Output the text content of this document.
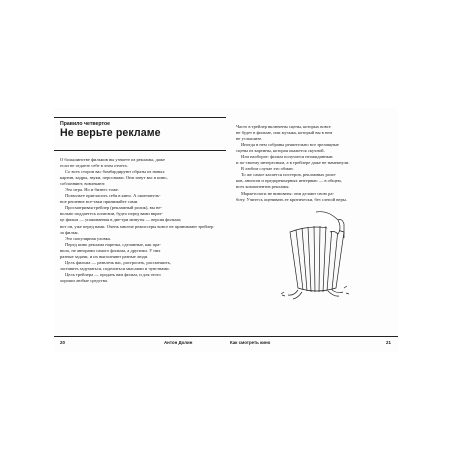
Правило четвертое
Не верьте рекламе
О большинстве фильмов вы узнаете из рекламы, даже
если не отдаете себе в этом отчета.
Со всех сторон вас бомбардируют образы из новых
картин, кадры, звуки, персонажи. Они зовут вас в кино,
соблазняют, вовлекают.
Это игра. Но и бизнес тоже.
Позвольте пригласить себя в кино. А окончатель-
ное решение все-таки принимайте сами.
Просматривая трейлер (рекламный ролик), вы не-
вольно поддаетесь иллюзии, будто перед вами вкрат-
це фильм — упакованная в две-три минуты — версия фильма;
вот он, уже перед вами. Очень многие режиссеры вовсе не принимают трейлер
за фильм.
Это популярная уловка.
Перед кино реклама нарезка, сделанные, как пра-
вило, не авторами самого фильма, а другими. У них
разные задачи, и их выполняют разные люди.
Цель фильма — развлечь вас, растрогать, рассмешить,
заставить задуматься, поделиться мыслями и чувствами.
Цель трейлера — продать вам фильм, и для этого
хороши любые средства.
20	Антон Долин
Часто в трейлер включены сцены, которых вовсе
не будет в фильме, или музыка, который вы в нем
не услышите.
Иногда в нем собраны решительно все зрелищные
сцены из картины, которая окажется скучной.
Или наоборот: фильм получится неожиданным
и по-своему интересным, а в трейлере даже не намекнули.
В любом случае это обман.
То же самое касается постеров, рекламных роли-
ков, анонсов и предпремьерных интервью — в общем,
всех компонентов рекламы.
Маркетологи не виноваты: они делают свою ра-
боту. Учитесь оценивать ее критически, без слепой веры.
Как смотреть кино	21
